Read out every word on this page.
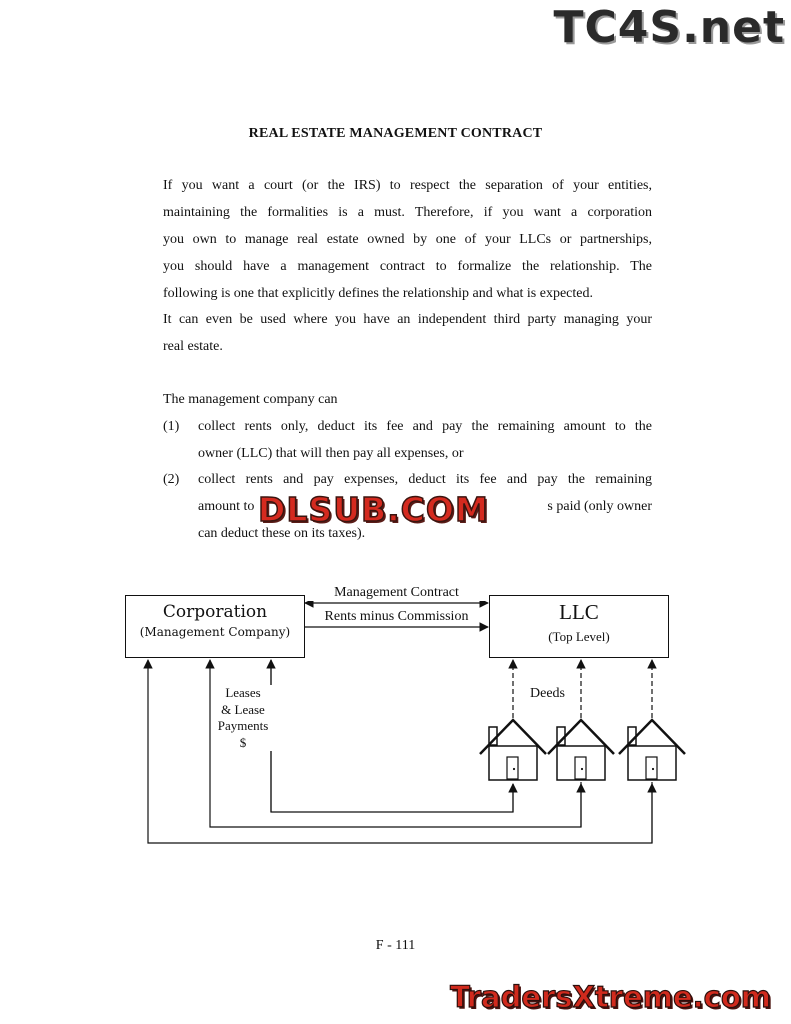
TC4S.net
REAL ESTATE MANAGEMENT CONTRACT
If you want a court (or the IRS) to respect the separation of your entities,
maintaining the formalities is a must. Therefore, if you want a corporation
you own to manage real estate owned by one of your LLCs or partnerships,
you should have a management contract to formalize the relationship. The
following is one that explicitly defines the relationship and what is expected.
It can even be used where you have an independent third party managing your
real estate.
The management company can
(1) collect rents only, deduct its fee and pay the remaining amount to the
owner (LLC) that will then pay all expenses, or
(2) collect rents and pay expenses, deduct its fee and pay the remaining
amount to	s paid (only owner
can deduct these on its taxes).
DLSUB.COM
Corporation
(Management Company)
LLC
(Top Level)
Management Contract
Rents minus Commission
Leases
& Lease
Payments
$
Deeds
F - 111
TradersXtreme.com
